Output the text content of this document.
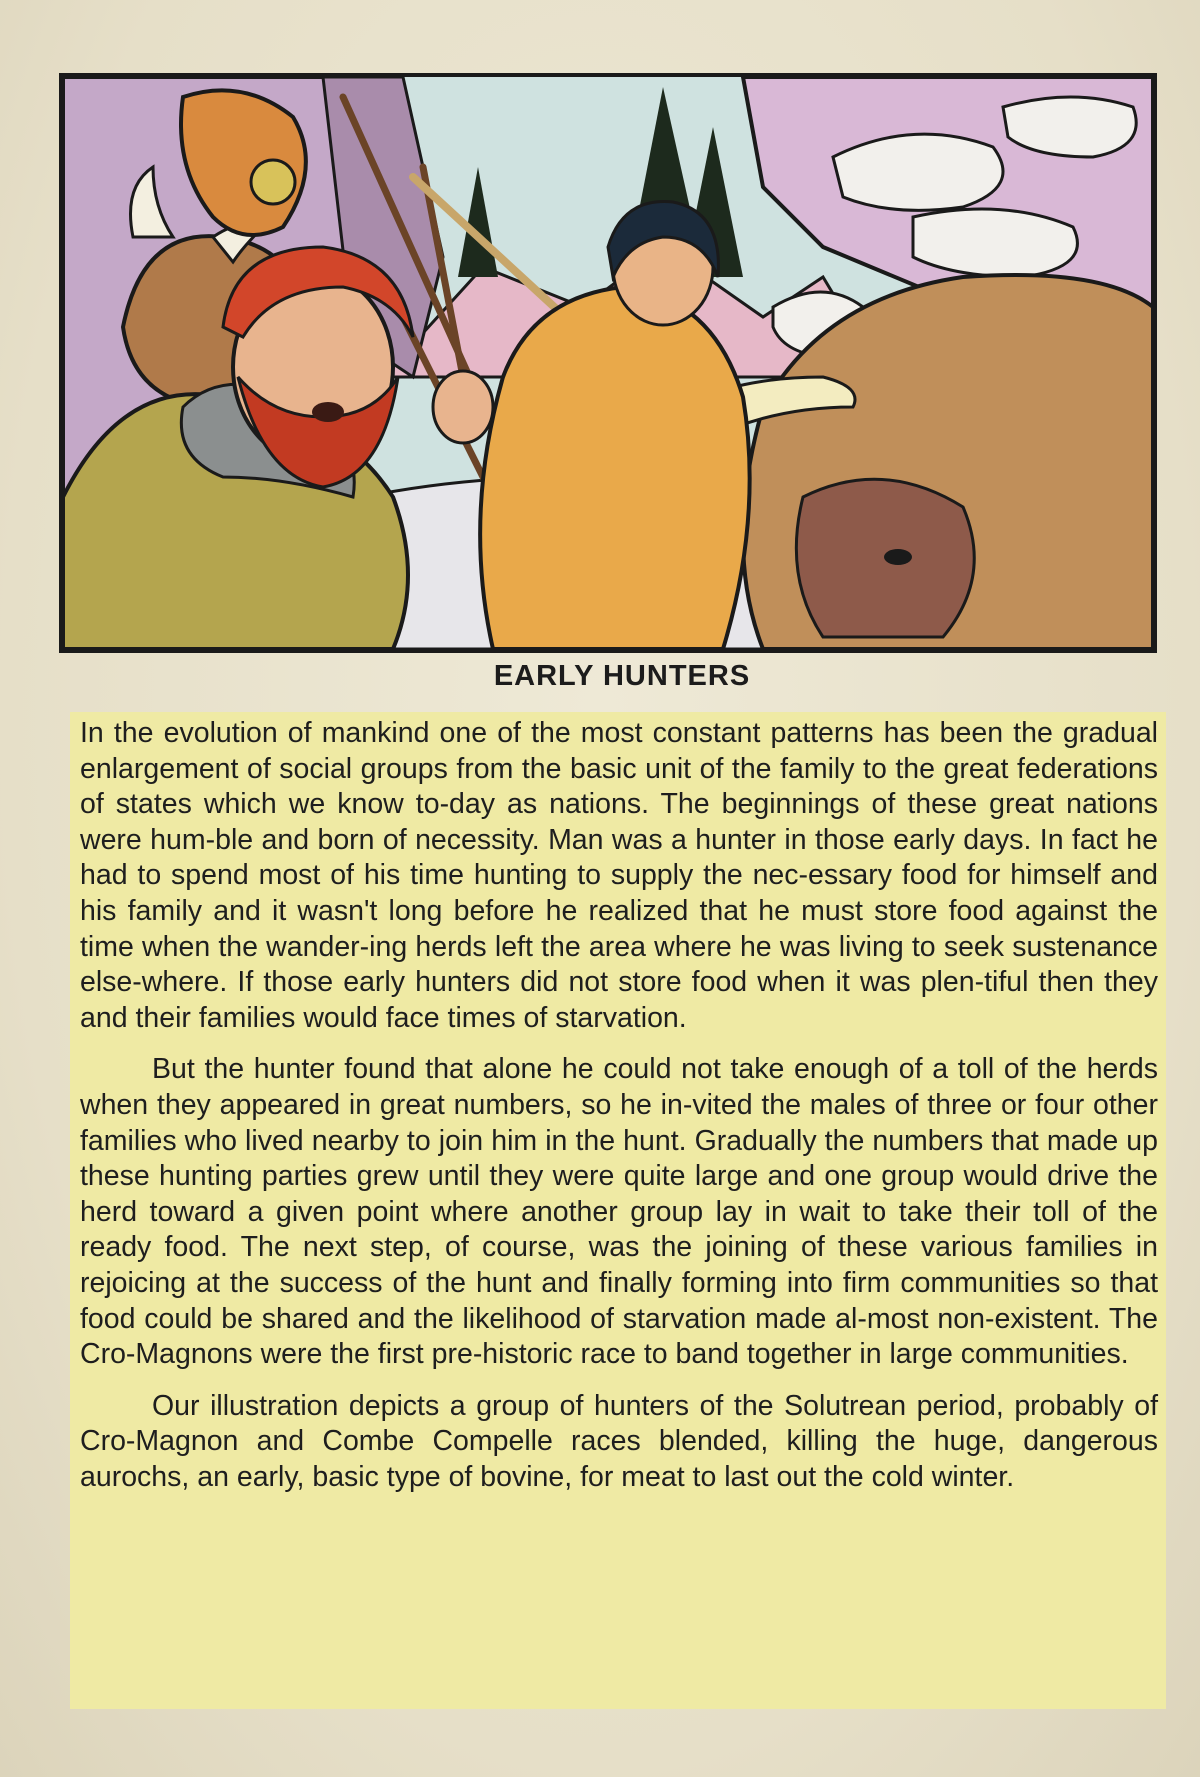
EARLY HUNTERS

In the evolution of mankind one of the most constant patterns has been the gradual enlargement of social groups from the basic unit of the family to the great federations of states which we know to-day as nations. The beginnings of these great nations were hum-ble and born of necessity. Man was a hunter in those early days. In fact he had to spend most of his time hunting to supply the nec-essary food for himself and his family and it wasn't long before he realized that he must store food against the time when the wander-ing herds left the area where he was living to seek sustenance else-where. If those early hunters did not store food when it was plen-tiful then they and their families would face times of starvation.

But the hunter found that alone he could not take enough of a toll of the herds when they appeared in great numbers, so he in-vited the males of three or four other families who lived nearby to join him in the hunt. Gradually the numbers that made up these hunting parties grew until they were quite large and one group would drive the herd toward a given point where another group lay in wait to take their toll of the ready food. The next step, of course, was the joining of these various families in rejoicing at the success of the hunt and finally forming into firm communities so that food could be shared and the likelihood of starvation made al-most non-existent. The Cro-Magnons were the first pre-historic race to band together in large communities.

Our illustration depicts a group of hunters of the Solutrean period, probably of Cro-Magnon and Combe Compelle races blended, killing the huge, dangerous aurochs, an early, basic type of bovine, for meat to last out the cold winter.
